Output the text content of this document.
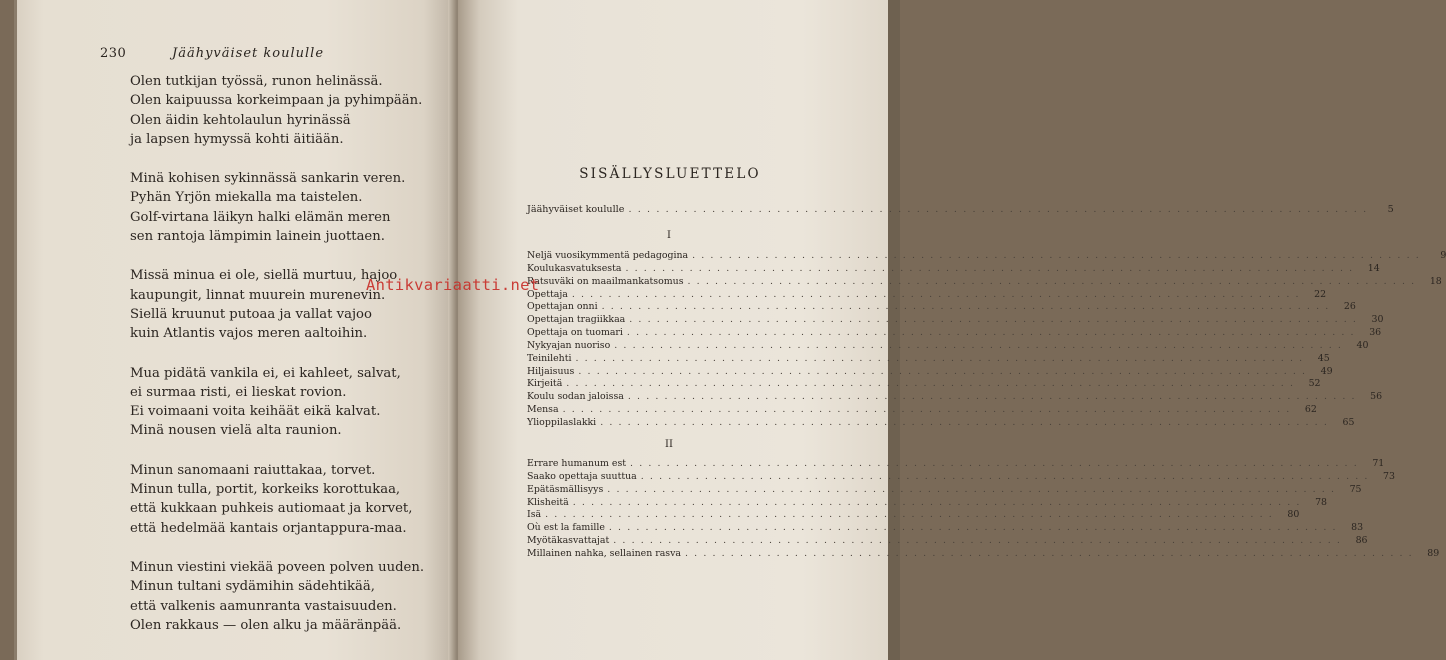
230	Jäähyväiset koululle
Olen tutkijan työssä, runon helinässä.
Olen kaipuussa korkeimpaan ja pyhimpään.
Olen äidin kehtolaulun hyrinässä
ja lapsen hymyssä kohti äitiään.
Minä kohisen sykinnässä sankarin veren.
Pyhän Yrjön miekalla ma taistelen.
Golf-virtana läikyn halki elämän meren
sen rantoja lämpimin lainein juottaen.
Missä minua ei ole, siellä murtuu, hajoo
kaupungit, linnat muurein murenevin.
Siellä kruunut putoaa ja vallat vajoo
kuin Atlantis vajos meren aaltoihin.
Mua pidätä vankila ei, ei kahleet, salvat,
ei surmaa risti, ei lieskat rovion.
Ei voimaani voita keihäät eikä kalvat.
Minä nousen vielä alta raunion.
Minun sanomaani raiuttakaa, torvet.
Minun tulla, portit, korkeiks korottukaa,
että kukkaan puhkeis autiomaat ja korvet,
että hedelmää kantais orjantappura-maa.
Minun viestini viekää poveen polven uuden.
Minun tultani sydämihin sädehtikää,
että valkenis aamunranta vastaisuuden.
Olen rakkaus — olen alku ja määränpää.
SISÄLLYSLUETTELO
Jäähyväiset koululle . . . . . . . . . . . . . . . . . . . . . . . . . . . . . . . . . . . . . . . . . . . . . . . . . . . . . . . . . . . . . . . . . . . . . . . . . . . . . . . .	5
I
Neljä vuosikymmentä pedagogina . . . . . . . . . . . . . . . . . . . . . . . . . . . . . . . . . . . . . . . . . . . . . . . . . . . . . . . . . . . . . . . . . . . . . . . . . . . . . . . .	9
Koulukasvatuksesta . . . . . . . . . . . . . . . . . . . . . . . . . . . . . . . . . . . . . . . . . . . . . . . . . . . . . . . . . . . . . . . . . . . . . . . . . . . . . . . .	14
Ratsuväki on maailmankatsomus . . . . . . . . . . . . . . . . . . . . . . . . . . . . . . . . . . . . . . . . . . . . . . . . . . . . . . . . . . . . . . . . . . . . . . . . . . . . . . . .	18
Opettaja . . . . . . . . . . . . . . . . . . . . . . . . . . . . . . . . . . . . . . . . . . . . . . . . . . . . . . . . . . . . . . . . . . . . . . . . . . . . . . . .	22
Opettajan onni . . . . . . . . . . . . . . . . . . . . . . . . . . . . . . . . . . . . . . . . . . . . . . . . . . . . . . . . . . . . . . . . . . . . . . . . . . . . . . . .	26
Opettajan tragiikkaa . . . . . . . . . . . . . . . . . . . . . . . . . . . . . . . . . . . . . . . . . . . . . . . . . . . . . . . . . . . . . . . . . . . . . . . . . . . . . . . .	30
Opettaja on tuomari . . . . . . . . . . . . . . . . . . . . . . . . . . . . . . . . . . . . . . . . . . . . . . . . . . . . . . . . . . . . . . . . . . . . . . . . . . . . . . . .	36
Nykyajan nuoriso . . . . . . . . . . . . . . . . . . . . . . . . . . . . . . . . . . . . . . . . . . . . . . . . . . . . . . . . . . . . . . . . . . . . . . . . . . . . . . . .	40
Teinilehti . . . . . . . . . . . . . . . . . . . . . . . . . . . . . . . . . . . . . . . . . . . . . . . . . . . . . . . . . . . . . . . . . . . . . . . . . . . . . . . .	45
Hiljaisuus . . . . . . . . . . . . . . . . . . . . . . . . . . . . . . . . . . . . . . . . . . . . . . . . . . . . . . . . . . . . . . . . . . . . . . . . . . . . . . . .	49
Kirjeitä . . . . . . . . . . . . . . . . . . . . . . . . . . . . . . . . . . . . . . . . . . . . . . . . . . . . . . . . . . . . . . . . . . . . . . . . . . . . . . . .	52
Koulu sodan jaloissa . . . . . . . . . . . . . . . . . . . . . . . . . . . . . . . . . . . . . . . . . . . . . . . . . . . . . . . . . . . . . . . . . . . . . . . . . . . . . . . .	56
Mensa . . . . . . . . . . . . . . . . . . . . . . . . . . . . . . . . . . . . . . . . . . . . . . . . . . . . . . . . . . . . . . . . . . . . . . . . . . . . . . . .	62
Ylioppilaslakki . . . . . . . . . . . . . . . . . . . . . . . . . . . . . . . . . . . . . . . . . . . . . . . . . . . . . . . . . . . . . . . . . . . . . . . . . . . . . . . .	65
II
Errare humanum est . . . . . . . . . . . . . . . . . . . . . . . . . . . . . . . . . . . . . . . . . . . . . . . . . . . . . . . . . . . . . . . . . . . . . . . . . . . . . . . .	71
Saako opettaja suuttua . . . . . . . . . . . . . . . . . . . . . . . . . . . . . . . . . . . . . . . . . . . . . . . . . . . . . . . . . . . . . . . . . . . . . . . . . . . . . . . .	73
Epätäsmällisyys . . . . . . . . . . . . . . . . . . . . . . . . . . . . . . . . . . . . . . . . . . . . . . . . . . . . . . . . . . . . . . . . . . . . . . . . . . . . . . . .	75
Klisheitä . . . . . . . . . . . . . . . . . . . . . . . . . . . . . . . . . . . . . . . . . . . . . . . . . . . . . . . . . . . . . . . . . . . . . . . . . . . . . . . .	78
Isä . . . . . . . . . . . . . . . . . . . . . . . . . . . . . . . . . . . . . . . . . . . . . . . . . . . . . . . . . . . . . . . . . . . . . . . . . . . . . . . .	80
Où est la famille . . . . . . . . . . . . . . . . . . . . . . . . . . . . . . . . . . . . . . . . . . . . . . . . . . . . . . . . . . . . . . . . . . . . . . . . . . . . . . . .	83
Myötäkasvattajat . . . . . . . . . . . . . . . . . . . . . . . . . . . . . . . . . . . . . . . . . . . . . . . . . . . . . . . . . . . . . . . . . . . . . . . . . . . . . . . .	86
Millainen nahka, sellainen rasva . . . . . . . . . . . . . . . . . . . . . . . . . . . . . . . . . . . . . . . . . . . . . . . . . . . . . . . . . . . . . . . . . . . . . . . . . . . . . . . .	89
Antikvariaatti.net
